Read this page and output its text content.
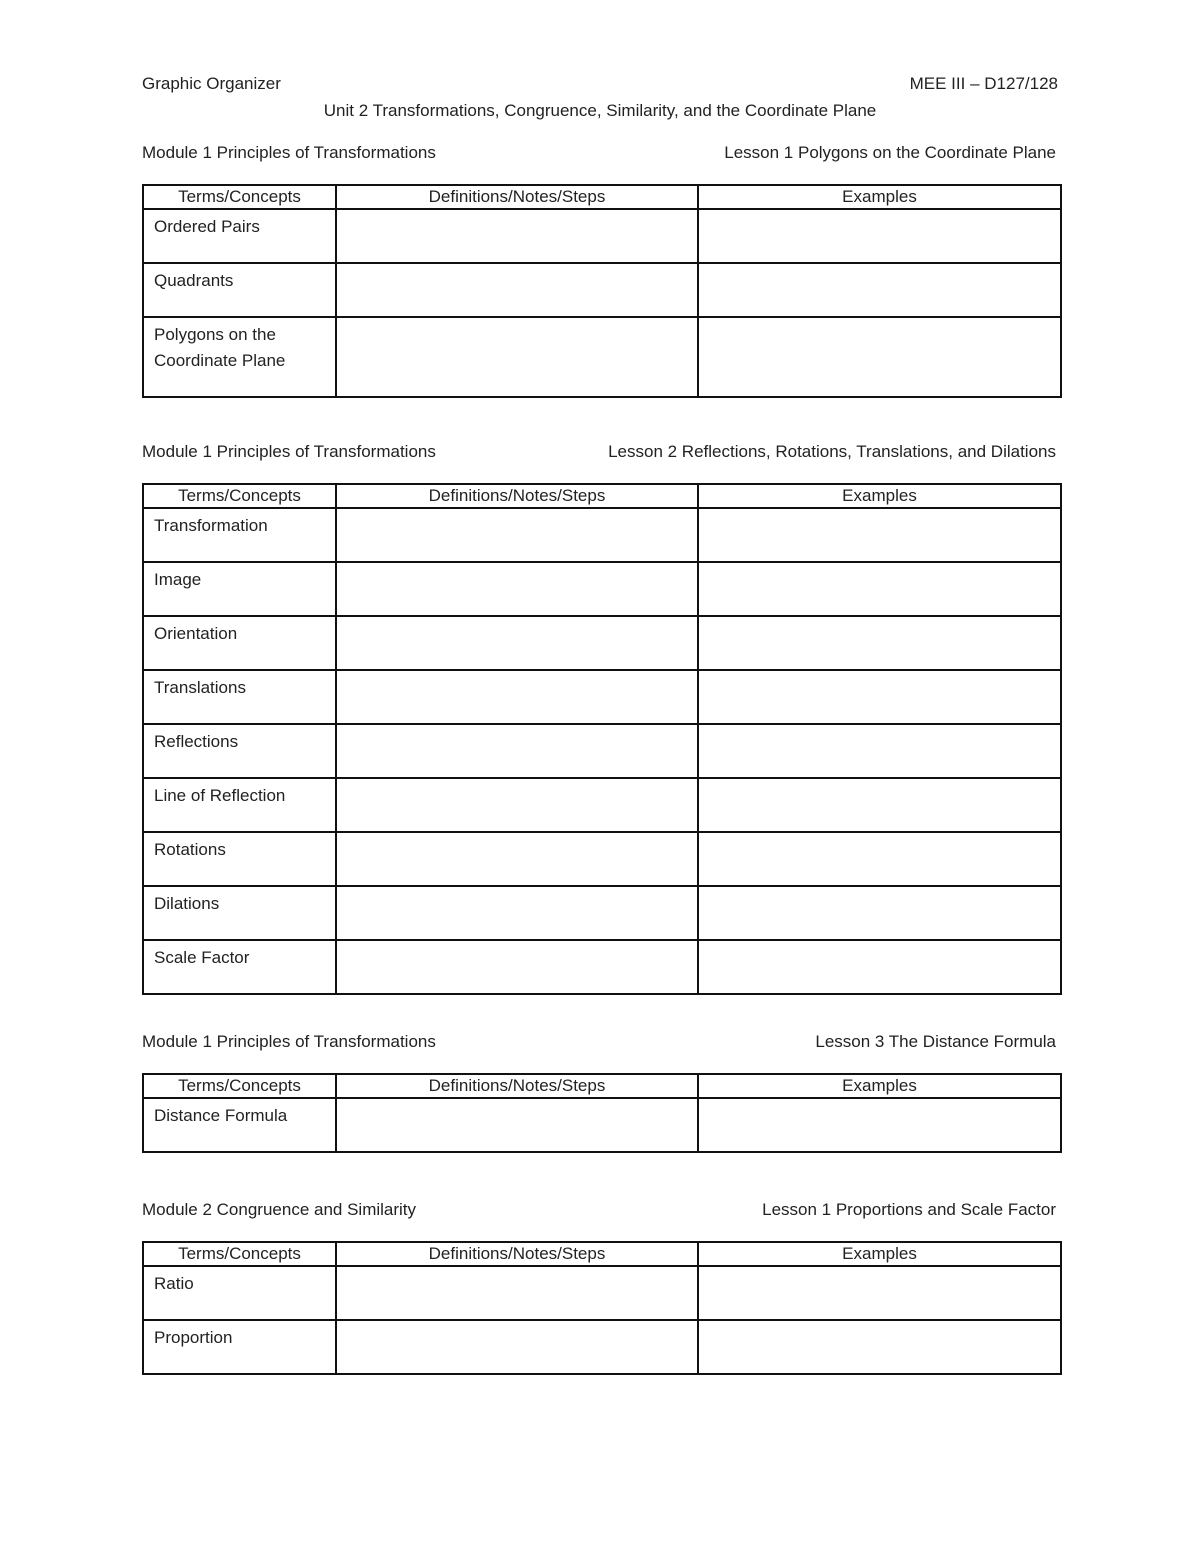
Graphic Organizer	MEE III – D127/128
Unit 2 Transformations, Congruence, Similarity, and the Coordinate Plane
Module 1 Principles of Transformations	Lesson 1 Polygons on the Coordinate Plane
Terms/Concepts	Definitions/Notes/Steps	Examples
Ordered Pairs		
Quadrants		
Polygons on the Coordinate Plane		
Module 1 Principles of Transformations	Lesson 2 Reflections, Rotations, Translations, and Dilations
Terms/Concepts	Definitions/Notes/Steps	Examples
Transformation		
Image		
Orientation		
Translations		
Reflections		
Line of Reflection		
Rotations		
Dilations		
Scale Factor		
Module 1 Principles of Transformations	Lesson 3 The Distance Formula
Terms/Concepts	Definitions/Notes/Steps	Examples
Distance Formula		
Module 2 Congruence and Similarity	Lesson 1 Proportions and Scale Factor
Terms/Concepts	Definitions/Notes/Steps	Examples
Ratio		
Proportion		
